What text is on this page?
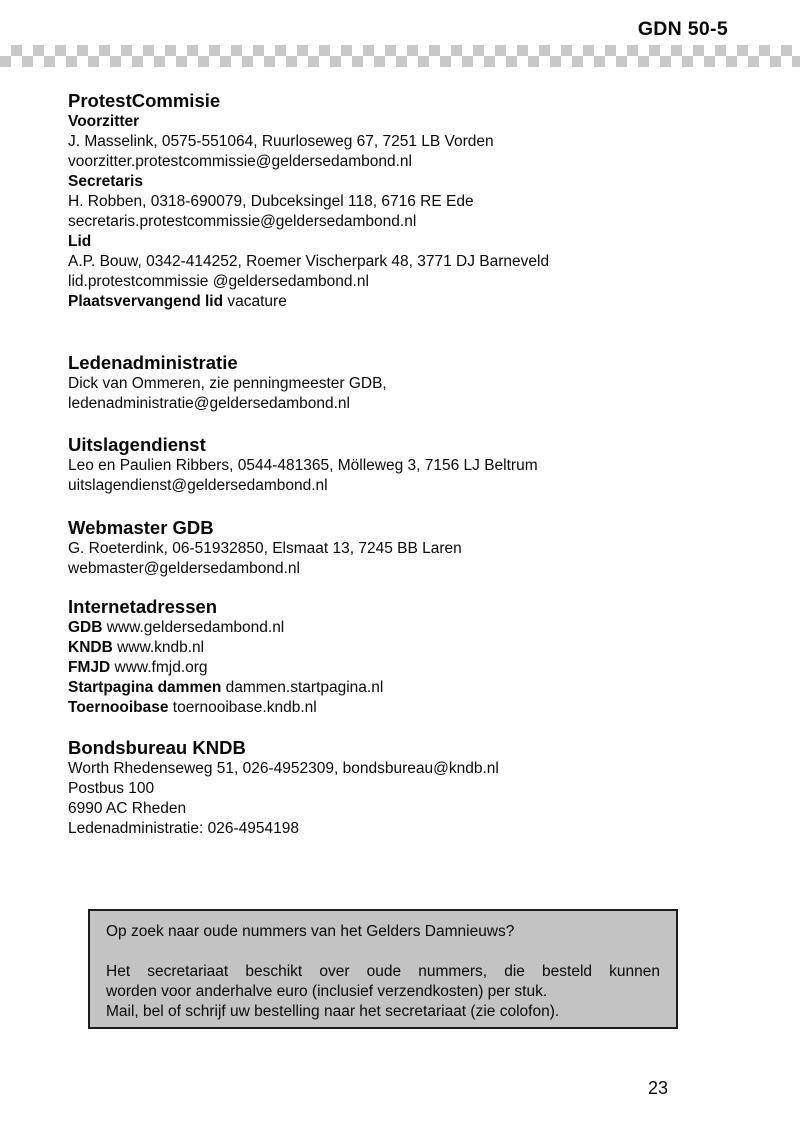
GDN 50-5
ProtestCommisie
Voorzitter
J. Masselink, 0575-551064, Ruurloseweg 67, 7251 LB Vorden
voorzitter.protestcommissie@geldersedambond.nl
Secretaris
H. Robben, 0318-690079, Dubceksingel 118, 6716 RE Ede
secretaris.protestcommissie@geldersedambond.nl
Lid
A.P. Bouw, 0342-414252, Roemer Vischerpark 48, 3771 DJ Barneveld
lid.protestcommissie @geldersedambond.nl
Plaatsvervangend lid vacature
Ledenadministratie
Dick van Ommeren, zie penningmeester GDB,
ledenadministratie@geldersedambond.nl
Uitslagendienst
Leo en Paulien Ribbers, 0544-481365, Mölleweg 3, 7156 LJ Beltrum
uitslagendienst@geldersedambond.nl
Webmaster GDB
G. Roeterdink, 06-51932850, Elsmaat 13, 7245 BB Laren
webmaster@geldersedambond.nl
Internetadressen
GDB www.geldersedambond.nl
KNDB www.kndb.nl
FMJD www.fmjd.org
Startpagina dammen dammen.startpagina.nl
Toernooibase toernooibase.kndb.nl
Bondsbureau KNDB
Worth Rhedenseweg 51, 026-4952309, bondsbureau@kndb.nl
Postbus 100
6990 AC Rheden
Ledenadministratie: 026-4954198
Op zoek naar oude nummers van het Gelders Damnieuws?
Het secretariaat beschikt over oude nummers, die besteld kunnen
worden voor anderhalve euro (inclusief verzendkosten) per stuk.
Mail, bel of schrijf uw bestelling naar het secretariaat (zie colofon).
23
